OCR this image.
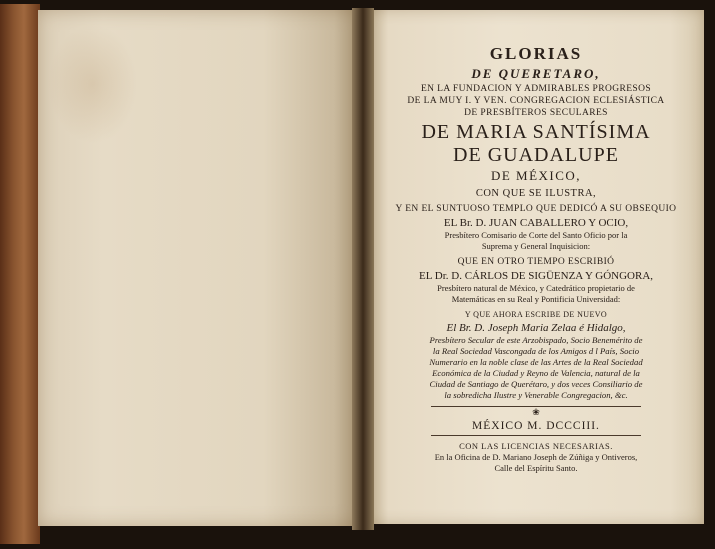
GLORIAS
DE QUERETARO,
EN LA FUNDACION Y ADMIRABLES PROGRESOS
DE LA MUY I. Y VEN. CONGREGACION ECLESIÁSTICA
DE PRESBÍTEROS SECULARES
DE MARIA SANTÍSIMA
DE GUADALUPE
DE MÉXICO,
CON QUE SE ILUSTRA,
Y EN EL SUNTUOSO TEMPLO QUE DEDICÓ A SU OBSEQUIO
EL Br. D. JUAN CABALLERO Y OCIO,
Presbítero Comisario de Corte del Santo Oficio por la
Suprema y General Inquisicion:
QUE EN OTRO TIEMPO ESCRIBIÓ
EL Dr. D. CÁRLOS DE SIGÜENZA Y GÓNGORA,
Presbítero natural de México, y Catedrático propietario de
Matemáticas en su Real y Pontificia Universidad:
Y QUE AHORA ESCRIBE DE NUEVO
El Br. D. Joseph Maria Zelaa é Hidalgo,
Presbítero Secular de este Arzobispado, Socio Benemérito de
la Real Sociedad Vascongada de los Amigos d l País, Socio
Numerario en la noble clase de las Artes de la Real Sociedad
Económica de la Ciudad y Reyno de Valencia, natural de la
Ciudad de Santiago de Querétaro, y dos veces Consiliario de
la sobredicha Ilustre y Venerable Congregacion, &c.
❀
MÉXICO M. DCCCIII.
CON LAS LICENCIAS NECESARIAS.
En la Oficina de D. Mariano Joseph de Zúñiga y Ontiveros,
Calle del Espíritu Santo.
